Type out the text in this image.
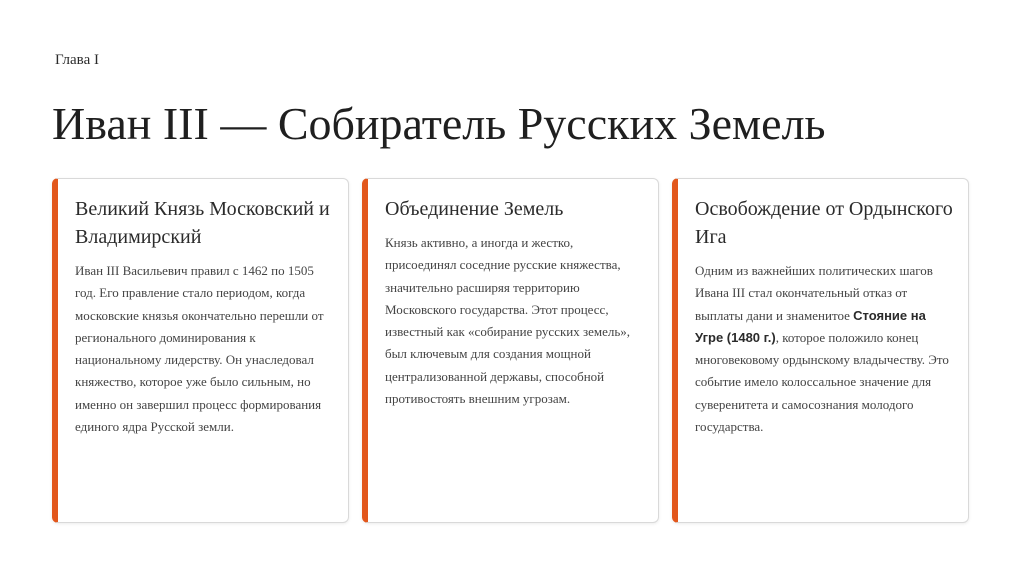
Глава I
Иван III — Собиратель Русских Земель
Великий Князь Московский и Владимирский

Иван III Васильевич правил с 1462 по 1505 год. Его правление стало периодом, когда московские князья окончательно перешли от регионального доминирования к национальному лидерству. Он унаследовал княжество, которое уже было сильным, но именно он завершил процесс формирования единого ядра Русской земли.

Объединение Земель

Князь активно, а иногда и жестко, присоединял соседние русские княжества, значительно расширяя территорию Московского государства. Этот процесс, известный как «собирание русских земель», был ключевым для создания мощной централизованной державы, способной противостоять внешним угрозам.

Освобождение от Ордынского Ига

Одним из важнейших политических шагов Ивана III стал окончательный отказ от выплаты дани и знаменитое Стояние на Угре (1480 г.), которое положило конец многовековому ордынскому владычеству. Это событие имело колоссальное значение для суверенитета и самосознания молодого государства.
